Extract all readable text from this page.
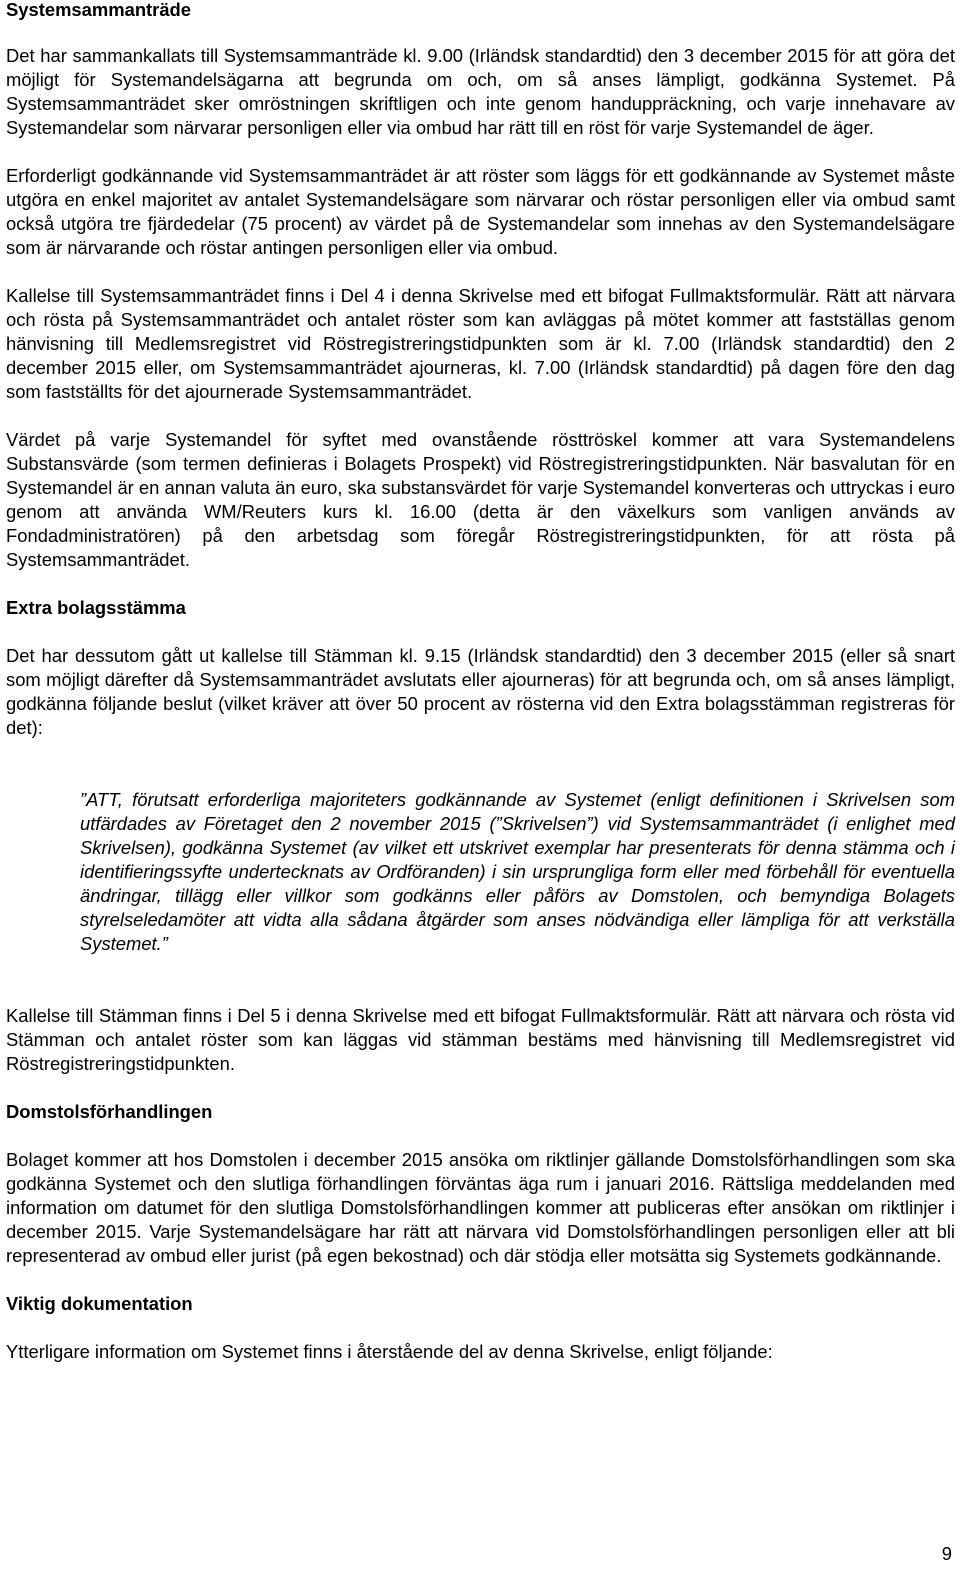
Systemsammanträde

Det har sammankallats till Systemsammanträde kl. 9.00 (Irländsk standardtid) den 3 december 2015 för att göra det möjligt för Systemandelsägarna att begrunda om och, om så anses lämpligt, godkänna Systemet. På Systemsammanträdet sker omröstningen skriftligen och inte genom handuppräckning, och varje innehavare av Systemandelar som närvarar personligen eller via ombud har rätt till en röst för varje Systemandel de äger.

Erforderligt godkännande vid Systemsammanträdet är att röster som läggs för ett godkännande av Systemet måste utgöra en enkel majoritet av antalet Systemandelsägare som närvarar och röstar personligen eller via ombud samt också utgöra tre fjärdedelar (75 procent) av värdet på de Systemandelar som innehas av den Systemandelsägare som är närvarande och röstar antingen personligen eller via ombud.

Kallelse till Systemsammanträdet finns i Del 4 i denna Skrivelse med ett bifogat Fullmaktsformulär. Rätt att närvara och rösta på Systemsammanträdet och antalet röster som kan avläggas på mötet kommer att fastställas genom hänvisning till Medlemsregistret vid Röstregistreringstidpunkten som är kl. 7.00 (Irländsk standardtid) den 2 december 2015 eller, om Systemsammanträdet ajourneras, kl. 7.00 (Irländsk standardtid) på dagen före den dag som fastställts för det ajournerade Systemsammanträdet.

Värdet på varje Systemandel för syftet med ovanstående rösttröskel kommer att vara Systemandelens Substansvärde (som termen definieras i Bolagets Prospekt) vid Röstregistreringstidpunkten. När basvalutan för en Systemandel är en annan valuta än euro, ska substansvärdet för varje Systemandel konverteras och uttryckas i euro genom att använda WM/Reuters kurs kl. 16.00 (detta är den växelkurs som vanligen används av Fondadministratören) på den arbetsdag som föregår Röstregistreringstidpunkten, för att rösta på Systemsammanträdet.

Extra bolagsstämma

Det har dessutom gått ut kallelse till Stämman kl. 9.15 (Irländsk standardtid) den 3 december 2015 (eller så snart som möjligt därefter då Systemsammanträdet avslutats eller ajourneras) för att begrunda och, om så anses lämpligt, godkänna följande beslut (vilket kräver att över 50 procent av rösterna vid den Extra bolagsstämman registreras för det):

”ATT, förutsatt erforderliga majoriteters godkännande av Systemet (enligt definitionen i Skrivelsen som utfärdades av Företaget den 2 november 2015 (”Skrivelsen”) vid Systemsammanträdet (i enlighet med Skrivelsen), godkänna Systemet (av vilket ett utskrivet exemplar har presenterats för denna stämma och i identifieringssyfte undertecknats av Ordföranden) i sin ursprungliga form eller med förbehåll för eventuella ändringar, tillägg eller villkor som godkänns eller påförs av Domstolen, och bemyndiga Bolagets styrelseledamöter att vidta alla sådana åtgärder som anses nödvändiga eller lämpliga för att verkställa Systemet.”

Kallelse till Stämman finns i Del 5 i denna Skrivelse med ett bifogat Fullmaktsformulär. Rätt att närvara och rösta vid Stämman och antalet röster som kan läggas vid stämman bestäms med hänvisning till Medlemsregistret vid Röstregistreringstidpunkten.

Domstolsförhandlingen

Bolaget kommer att hos Domstolen i december 2015 ansöka om riktlinjer gällande Domstolsförhandlingen som ska godkänna Systemet och den slutliga förhandlingen förväntas äga rum i januari 2016. Rättsliga meddelanden med information om datumet för den slutliga Domstolsförhandlingen kommer att publiceras efter ansökan om riktlinjer i december 2015. Varje Systemandelsägare har rätt att närvara vid Domstolsförhandlingen personligen eller att bli representerad av ombud eller jurist (på egen bekostnad) och där stödja eller motsätta sig Systemets godkännande.

Viktig dokumentation

Ytterligare information om Systemet finns i återstående del av denna Skrivelse, enligt följande:

9
